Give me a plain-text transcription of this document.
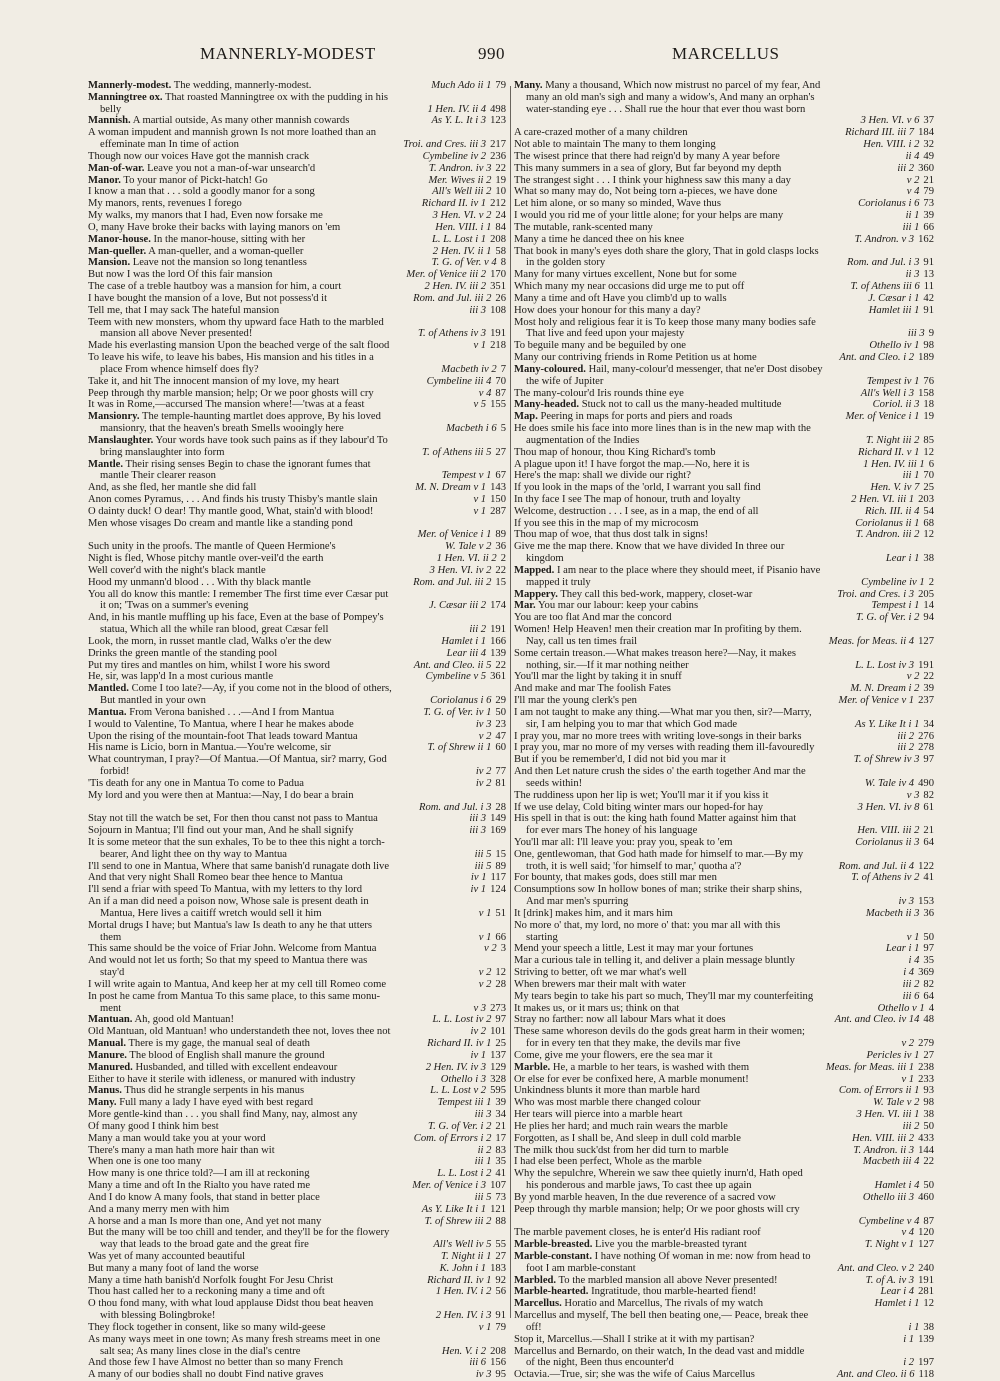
MANNERLY-MODEST	990	MARCELLUS
Mannerly-modest. The wedding, mannerly-modest.	Much Ado ii 1 79
Manningtree ox. That roasted Manningtree ox with the pudding in his
belly	1 Hen. IV. ii 4 498
Mannish. A martial outside, As many other mannish cowards	As Y. L. It i 3 123
A woman impudent and mannish grown Is not more loathed than an
effeminate man In time of action	Troi. and Cres. iii 3 217
Though now our voices Have got the mannish crack	Cymbeline iv 2 236
Man-of-war. Leave you not a man-of-war unsearch'd	T. Andron. iv 3 22
Manor. To your manor of Pickt-hatch! Go	Mer. Wives ii 2 19
I know a man that . . . sold a goodly manor for a song	All's Well iii 2 10
My manors, rents, revenues I forego	Richard II. iv 1 212
My walks, my manors that I had, Even now forsake me	3 Hen. VI. v 2 24
O, many Have broke their backs with laying manors on 'em	Hen. VIII. i 1 84
Manor-house. In the manor-house, sitting with her	L. L. Lost i 1 208
Man-queller. A man-queller, and a woman-queller	2 Hen. IV. ii 1 58
Mansion. Leave not the mansion so long tenantless	T. G. of Ver. v 4 8
But now I was the lord Of this fair mansion	Mer. of Venice iii 2 170
The case of a treble hautboy was a mansion for him, a court	2 Hen. IV. iii 2 351
I have bought the mansion of a love, But not possess'd it	Rom. and Jul. iii 2 26
Tell me, that I may sack The hateful mansion	iii 3 108
Teem with new monsters, whom thy upward face Hath to the marbled
mansion all above Never presented!	T. of Athens iv 3 191
Made his everlasting mansion Upon the beached verge of the salt flood	v 1 218
To leave his wife, to leave his babes, His mansion and his titles in a
place From whence himself does fly?	Macbeth iv 2 7
Take it, and hit The innocent mansion of my love, my heart	Cymbeline iii 4 70
Peep through thy marble mansion; help; Or we poor ghosts will cry	v 4 87
It was in Rome,—accursed The mansion where!—'twas at a feast	v 5 155
Mansionry. The temple-haunting martlet does approve, By his loved
mansionry, that the heaven's breath Smells wooingly here	Macbeth i 6 5
Manslaughter. Your words have took such pains as if they labour'd To
bring manslaughter into form	T. of Athens iii 5 27
Mantle. Their rising senses Begin to chase the ignorant fumes that
mantle Their clearer reason	Tempest v 1 67
And, as she fled, her mantle she did fall	M. N. Dream v 1 143
Anon comes Pyramus, . . . And finds his trusty Thisby's mantle slain	v 1 150
O dainty duck! O dear! Thy mantle good, What, stain'd with blood!	v 1 287
Men whose visages Do cream and mantle like a standing pond
Mer. of Venice i 1 89
Such unity in the proofs. The mantle of Queen Hermione's	W. Tale v 2 36
Night is fled, Whose pitchy mantle over-veil'd the earth	1 Hen. VI. ii 2 2
Well cover'd with the night's black mantle	3 Hen. VI. iv 2 22
Hood my unmann'd blood . . . With thy black mantle	Rom. and Jul. iii 2 15
You all do know this mantle: I remember The first time ever Cæsar put
it on; 'Twas on a summer's evening	J. Cæsar iii 2 174
And, in his mantle muffling up his face, Even at the base of Pompey's
statua, Which all the while ran blood, great Cæsar fell	iii 2 191
Look, the morn, in russet mantle clad, Walks o'er the dew	Hamlet i 1 166
Drinks the green mantle of the standing pool	Lear iii 4 139
Put my tires and mantles on him, whilst I wore his sword	Ant. and Cleo. ii 5 22
He, sir, was lapp'd In a most curious mantle	Cymbeline v 5 361
Mantled. Come I too late?—Ay, if you come not in the blood of others,
But mantled in your own	Coriolanus i 6 29
Mantua. From Verona banished . . .—And I from Mantua	T. G. of Ver. iv 1 50
I would to Valentine, To Mantua, where I hear he makes abode	iv 3 23
Upon the rising of the mountain-foot That leads toward Mantua	v 2 47
His name is Licio, born in Mantua.—You're welcome, sir	T. of Shrew ii 1 60
What countryman, I pray?—Of Mantua.—Of Mantua, sir? marry, God
forbid!	iv 2 77
'Tis death for any one in Mantua To come to Padua	iv 2 81
My lord and you were then at Mantua:—Nay, I do bear a brain
Rom. and Jul. i 3 28
Stay not till the watch be set, For then thou canst not pass to Mantua	iii 3 149
Sojourn in Mantua; I'll find out your man, And he shall signify	iii 3 169
It is some meteor that the sun exhales, To be to thee this night a torch-
bearer, And light thee on thy way to Mantua	iii 5 15
I'll send to one in Mantua, Where that same banish'd runagate doth live	iii 5 89
And that very night Shall Romeo bear thee hence to Mantua	iv 1 117
I'll send a friar with speed To Mantua, with my letters to thy lord	iv 1 124
An if a man did need a poison now, Whose sale is present death in
Mantua, Here lives a caitiff wretch would sell it him	v 1 51
Mortal drugs I have; but Mantua's law Is death to any he that utters
them	v 1 66
This same should be the voice of Friar John. Welcome from Mantua	v 2 3
And would not let us forth; So that my speed to Mantua there was
stay'd	v 2 12
I will write again to Mantua, And keep her at my cell till Romeo come	v 2 28
In post he came from Mantua To this same place, to this same monu-
ment	v 3 273
Mantuan. Ah, good old Mantuan!	L. L. Lost iv 2 97
Old Mantuan, old Mantuan! who understandeth thee not, loves thee not	iv 2 101
Manual. There is my gage, the manual seal of death	Richard II. iv 1 25
Manure. The blood of English shall manure the ground	iv 1 137
Manured. Husbanded, and tilled with excellent endeavour	2 Hen. IV. iv 3 129
Either to have it sterile with idleness, or manured with industry	Othello i 3 328
Manus. Thus did he strangle serpents in his manus	L. L. Lost v 2 595
Many. Full many a lady I have eyed with best regard	Tempest iii 1 39
More gentle-kind than . . . you shall find Many, nay, almost any	iii 3 34
Of many good I think him best	T. G. of Ver. i 2 21
Many a man would take you at your word	Com. of Errors i 2 17
There's many a man hath more hair than wit	ii 2 83
When one is one too many	iii 1 35
How many is one thrice told?—I am ill at reckoning	L. L. Lost i 2 41
Many a time and oft In the Rialto you have rated me	Mer. of Venice i 3 107
And I do know A many fools, that stand in better place	iii 5 73
And a many merry men with him	As Y. Like It i 1 121
A horse and a man Is more than one, And yet not many	T. of Shrew iii 2 88
But the many will be too chill and tender, and they'll be for the flowery
way that leads to the broad gate and the great fire	All's Well iv 5 55
Was yet of many accounted beautiful	T. Night ii 1 27
But many a many foot of land the worse	K. John i 1 183
Many a time hath banish'd Norfolk fought For Jesu Christ	Richard II. iv 1 92
Thou hast called her to a reckoning many a time and oft	1 Hen. IV. i 2 56
O thou fond many, with what loud applause Didst thou beat heaven
with blessing Bolingbroke!	2 Hen. IV. i 3 91
They flock together in consent, like so many wild-geese	v 1 79
As many ways meet in one town; As many fresh streams meet in one
salt sea; As many lines close in the dial's centre	Hen. V. i 2 208
And those few I have Almost no better than so many French	iii 6 156
A many of our bodies shall no doubt Find native graves	iv 3 95
Many. Many a thousand, Which now mistrust no parcel of my fear, And
many an old man's sigh and many a widow's, And many an orphan's
water-standing eye . . . Shall rue the hour that ever thou wast born
3 Hen. VI. v 6 37
A care-crazed mother of a many children	Richard III. iii 7 184
Not able to maintain The many to them longing	Hen. VIII. i 2 32
The wisest prince that there had reign'd by many A year before	ii 4 49
This many summers in a sea of glory, But far beyond my depth	iii 2 360
The strangest sight . . . I think your highness saw this many a day	v 2 21
What so many may do, Not being torn a-pieces, we have done	v 4 79
Let him alone, or so many so minded, Wave thus	Coriolanus i 6 73
I would you rid me of your little alone; for your helps are many	ii 1 39
The mutable, rank-scented many	iii 1 66
Many a time he danced thee on his knee	T. Andron. v 3 162
That book in many's eyes doth share the glory, That in gold clasps locks
in the golden story	Rom. and Jul. i 3 91
Many for many virtues excellent, None but for some	ii 3 13
Which many my near occasions did urge me to put off	T. of Athens iii 6 11
Many a time and oft Have you climb'd up to walls	J. Cæsar i 1 42
How does your honour for this many a day?	Hamlet iii 1 91
Most holy and religious fear it is To keep those many many bodies safe
That live and feed upon your majesty	iii 3 9
To beguile many and be beguiled by one	Othello iv 1 98
Many our contriving friends in Rome Petition us at home	Ant. and Cleo. i 2 189
Many-coloured. Hail, many-colour'd messenger, that ne'er Dost disobey
the wife of Jupiter	Tempest iv 1 76
The many-colour'd Iris rounds thine eye	All's Well i 3 158
Many-headed. Stuck not to call us the many-headed multitude	Coriol. ii 3 18
Map. Peering in maps for ports and piers and roads	Mer. of Venice i 1 19
He does smile his face into more lines than is in the new map with the
augmentation of the Indies	T. Night iii 2 85
Thou map of honour, thou King Richard's tomb	Richard II. v 1 12
A plague upon it! I have forgot the map.—No, here it is	1 Hen. IV. iii 1 6
Here's the map: shall we divide our right?	iii 1 70
If you look in the maps of the 'orld, I warrant you sall find	Hen. V. iv 7 25
In thy face I see The map of honour, truth and loyalty	2 Hen. VI. iii 1 203
Welcome, destruction . . . I see, as in a map, the end of all	Rich. III. ii 4 54
If you see this in the map of my microcosm	Coriolanus ii 1 68
Thou map of woe, that thus dost talk in signs!	T. Andron. iii 2 12
Give me the map there. Know that we have divided In three our
kingdom	Lear i 1 38
Mapped. I am near to the place where they should meet, if Pisanio have
mapped it truly	Cymbeline iv 1 2
Mappery. They call this bed-work, mappery, closet-war	Troi. and Cres. i 3 205
Mar. You mar our labour: keep your cabins	Tempest i 1 14
You are too flat And mar the concord	T. G. of Ver. i 2 94
Women! Help Heaven! men their creation mar In profiting by them.
Nay, call us ten times frail	Meas. for Meas. ii 4 127
Some certain treason.—What makes treason here?—Nay, it makes
nothing, sir.—If it mar nothing neither	L. L. Lost iv 3 191
You'll mar the light by taking it in snuff	v 2 22
And make and mar The foolish Fates	M. N. Dream i 2 39
I'll mar the young clerk's pen	Mer. of Venice v 1 237
I am not taught to make any thing.—What mar you then, sir?—Marry,
sir, I am helping you to mar that which God made	As Y. Like It i 1 34
I pray you, mar no more trees with writing love-songs in their barks	iii 2 276
I pray you, mar no more of my verses with reading them ill-favouredly	iii 2 278
But if you be remember'd, I did not bid you mar it	T. of Shrew iv 3 97
And then Let nature crush the sides o' the earth together And mar the
seeds within!	W. Tale iv 4 490
The ruddiness upon her lip is wet; You'll mar it if you kiss it	v 3 82
If we use delay, Cold biting winter mars our hoped-for hay	3 Hen. VI. iv 8 61
His spell in that is out: the king hath found Matter against him that
for ever mars The honey of his language	Hen. VIII. iii 2 21
You'll mar all: I'll leave you: pray you, speak to 'em	Coriolanus ii 3 64
One, gentlewoman, that God hath made for himself to mar.—By my
troth, it is well said; 'for himself to mar,' quotha a'?	Rom. and Jul. ii 4 122
For bounty, that makes gods, does still mar men	T. of Athens iv 2 41
Consumptions sow In hollow bones of man; strike their sharp shins,
And mar men's spurring	iv 3 153
It [drink] makes him, and it mars him	Macbeth ii 3 36
No more o' that, my lord, no more o' that: you mar all with this
starting	v 1 50
Mend your speech a little, Lest it may mar your fortunes	Lear i 1 97
Mar a curious tale in telling it, and deliver a plain message bluntly	i 4 35
Striving to better, oft we mar what's well	i 4 369
When brewers mar their malt with water	iii 2 82
My tears begin to take his part so much, They'll mar my counterfeiting	iii 6 64
It makes us, or it mars us; think on that	Othello v 1 4
Stray no farther: now all labour Mars what it does	Ant. and Cleo. iv 14 48
These same whoreson devils do the gods great harm in their women;
for in every ten that they make, the devils mar five	v 2 279
Come, give me your flowers, ere the sea mar it	Pericles iv 1 27
Marble. He, a marble to her tears, is washed with them	Meas. for Meas. iii 1 238
Or else for ever be confixed here, A marble monument!	v 1 233
Unkindness blunts it more than marble hard	Com. of Errors ii 1 93
Who was most marble there changed colour	W. Tale v 2 98
Her tears will pierce into a marble heart	3 Hen. VI. iii 1 38
He plies her hard; and much rain wears the marble	iii 2 50
Forgotten, as I shall be, And sleep in dull cold marble	Hen. VIII. iii 2 433
The milk thou suck'dst from her did turn to marble	T. Andron. ii 3 144
I had else been perfect, Whole as the marble	Macbeth iii 4 22
Why the sepulchre, Wherein we saw thee quietly inurn'd, Hath oped
his ponderous and marble jaws, To cast thee up again	Hamlet i 4 50
By yond marble heaven, In the due reverence of a sacred vow	Othello iii 3 460
Peep through thy marble mansion; help; Or we poor ghosts will cry
Cymbeline v 4 87
The marble pavement closes, he is enter'd His radiant roof	v 4 120
Marble-breasted. Live you the marble-breasted tyrant	T. Night v 1 127
Marble-constant. I have nothing Of woman in me: now from head to
foot I am marble-constant	Ant. and Cleo. v 2 240
Marbled. To the marbled mansion all above Never presented!	T. of A. iv 3 191
Marble-hearted. Ingratitude, thou marble-hearted fiend!	Lear i 4 281
Marcellus. Horatio and Marcellus, The rivals of my watch	Hamlet i 1 12
Marcellus and myself, The bell then beating one,— Peace, break thee
off!	i 1 38
Stop it, Marcellus.—Shall I strike at it with my partisan?	i 1 139
Marcellus and Bernardo, on their watch, In the dead vast and middle
of the night, Been thus encounter'd	i 2 197
Octavia.—True, sir; she was the wife of Caius Marcellus	Ant. and Cleo. ii 6 118
